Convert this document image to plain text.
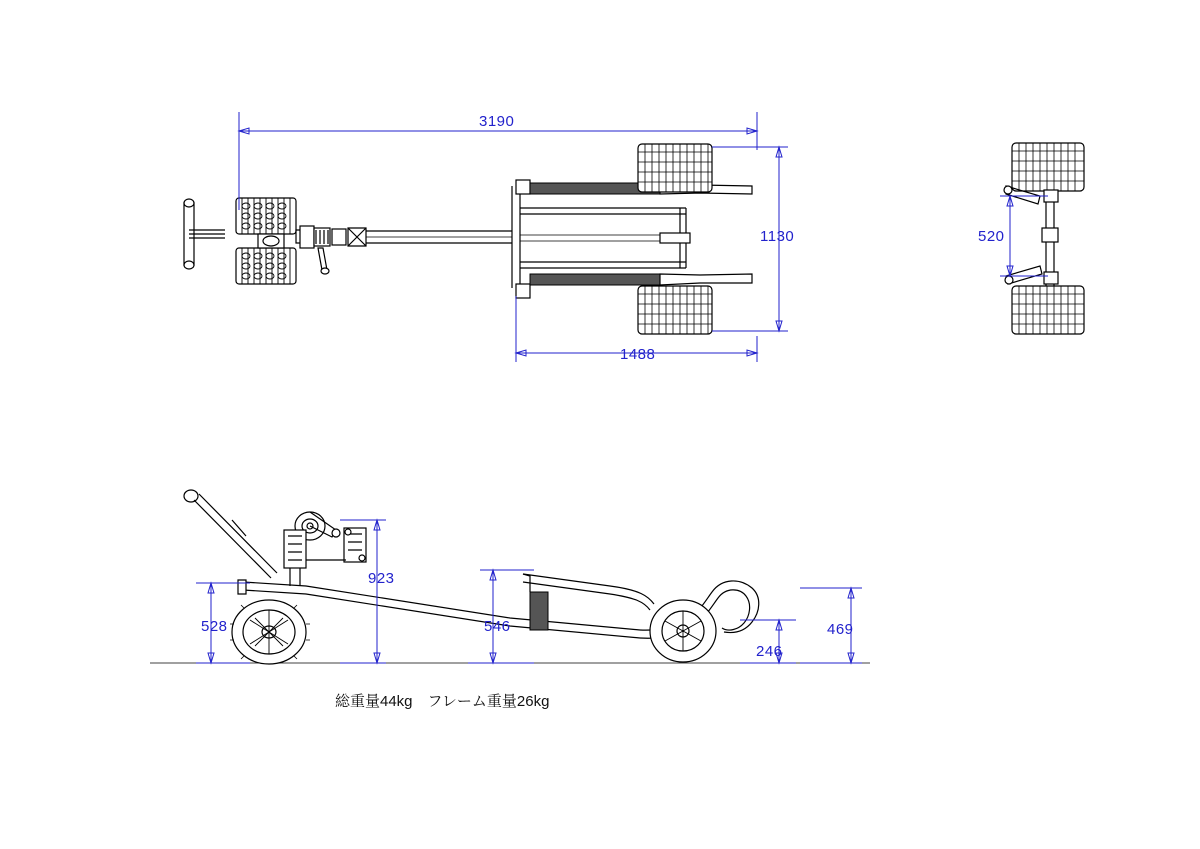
3190
1130
1488
520
923
528	546
246
469
総重量44kg　フレーム重量26kg
